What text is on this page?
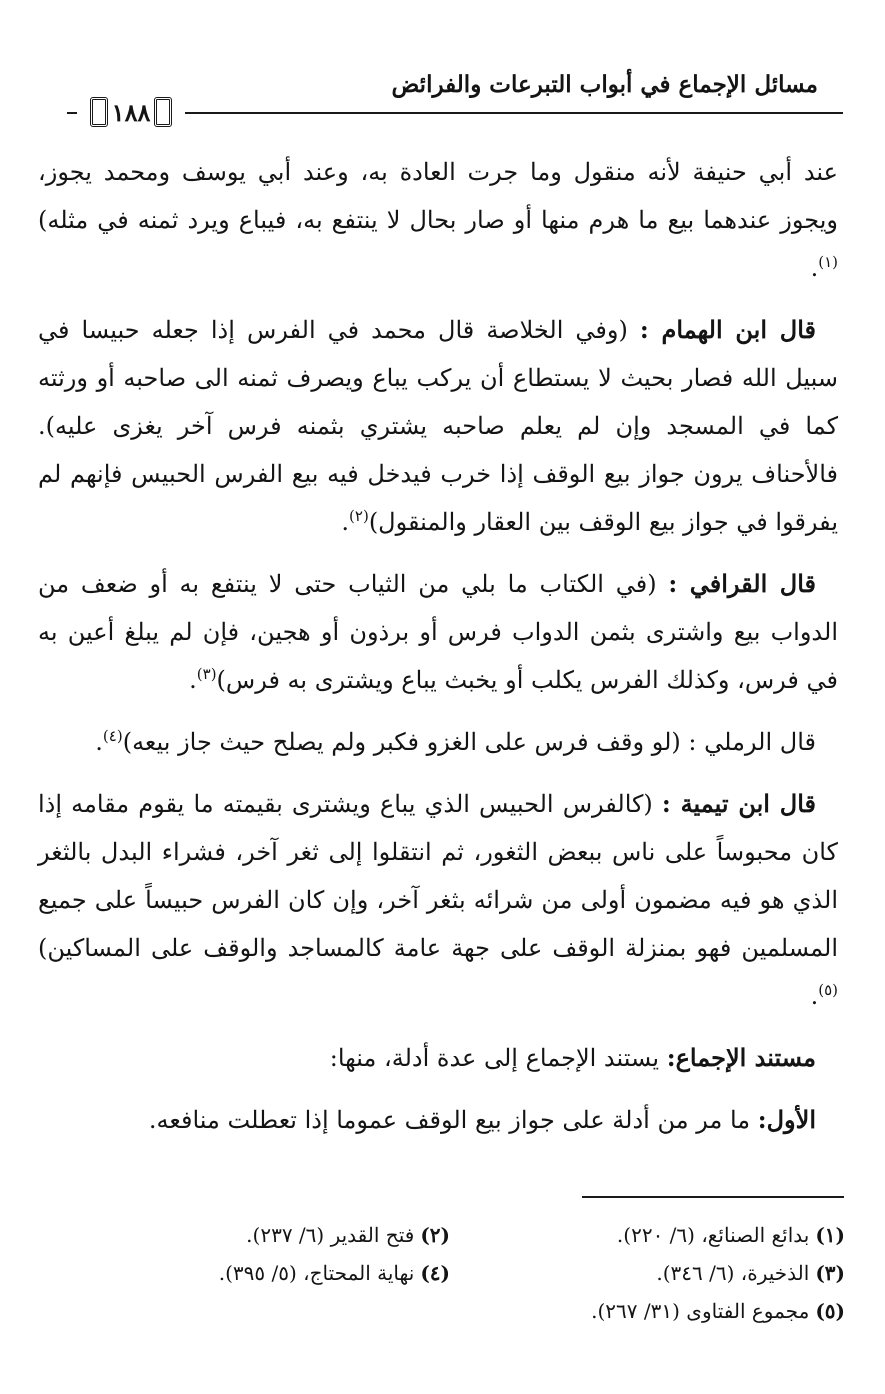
مسائل الإجماع في أبواب التبرعات والفرائض
١٨٨

عند أبي حنيفة لأنه منقول وما جرت العادة به، وعند أبي يوسف ومحمد يجوز، ويجوز عندهما بيع ما هرم منها أو صار بحال لا ينتفع به، فيباع ويرد ثمنه في مثله)$^{(١)}$.

قال ابن الهمام : (وفي الخلاصة قال محمد في الفرس إذا جعله حبيسا في سبيل الله فصار بحيث لا يستطاع أن يركب يباع ويصرف ثمنه الى صاحبه أو ورثته كما في المسجد وإن لم يعلم صاحبه يشتري بثمنه فرس آخر يغزى عليه). فالأحناف يرون جواز بيع الوقف إذا خرب فيدخل فيه بيع الفرس الحبيس فإنهم لم يفرقوا في جواز بيع الوقف بين العقار والمنقول)$^{(٢)}$.

قال القرافي : (في الكتاب ما بلي من الثياب حتى لا ينتفع به أو ضعف من الدواب بيع واشترى بثمن الدواب فرس أو برذون أو هجين، فإن لم يبلغ أعين به في فرس، وكذلك الفرس يكلب أو يخبث يباع ويشترى به فرس)$^{(٣)}$.

قال الرملي : (لو وقف فرس على الغزو فكبر ولم يصلح حيث جاز بيعه)$^{(٤)}$.

قال ابن تيمية : (كالفرس الحبيس الذي يباع ويشترى بقيمته ما يقوم مقامه إذا كان محبوساً على ناس ببعض الثغور، ثم انتقلوا إلى ثغر آخر، فشراء البدل بالثغر الذي هو فيه مضمون أولى من شرائه بثغر آخر، وإن كان الفرس حبيساً على جميع المسلمين فهو بمنزلة الوقف على جهة عامة كالمساجد والوقف على المساكين)$^{(٥)}$.

مستند الإجماع: يستند الإجماع إلى عدة أدلة، منها:

الأول: ما مر من أدلة على جواز بيع الوقف عموما إذا تعطلت منافعه.

(١)بدائع الصنائع، (٦/ ٢٢٠).
(٢)فتح القدير (٦/ ٢٣٧).
(٣)الذخيرة، (٦/ ٣٤٦).
(٤)نهاية المحتاج، (٥/ ٣٩٥).
(٥)مجموع الفتاوى (٣١/ ٢٦٧).
